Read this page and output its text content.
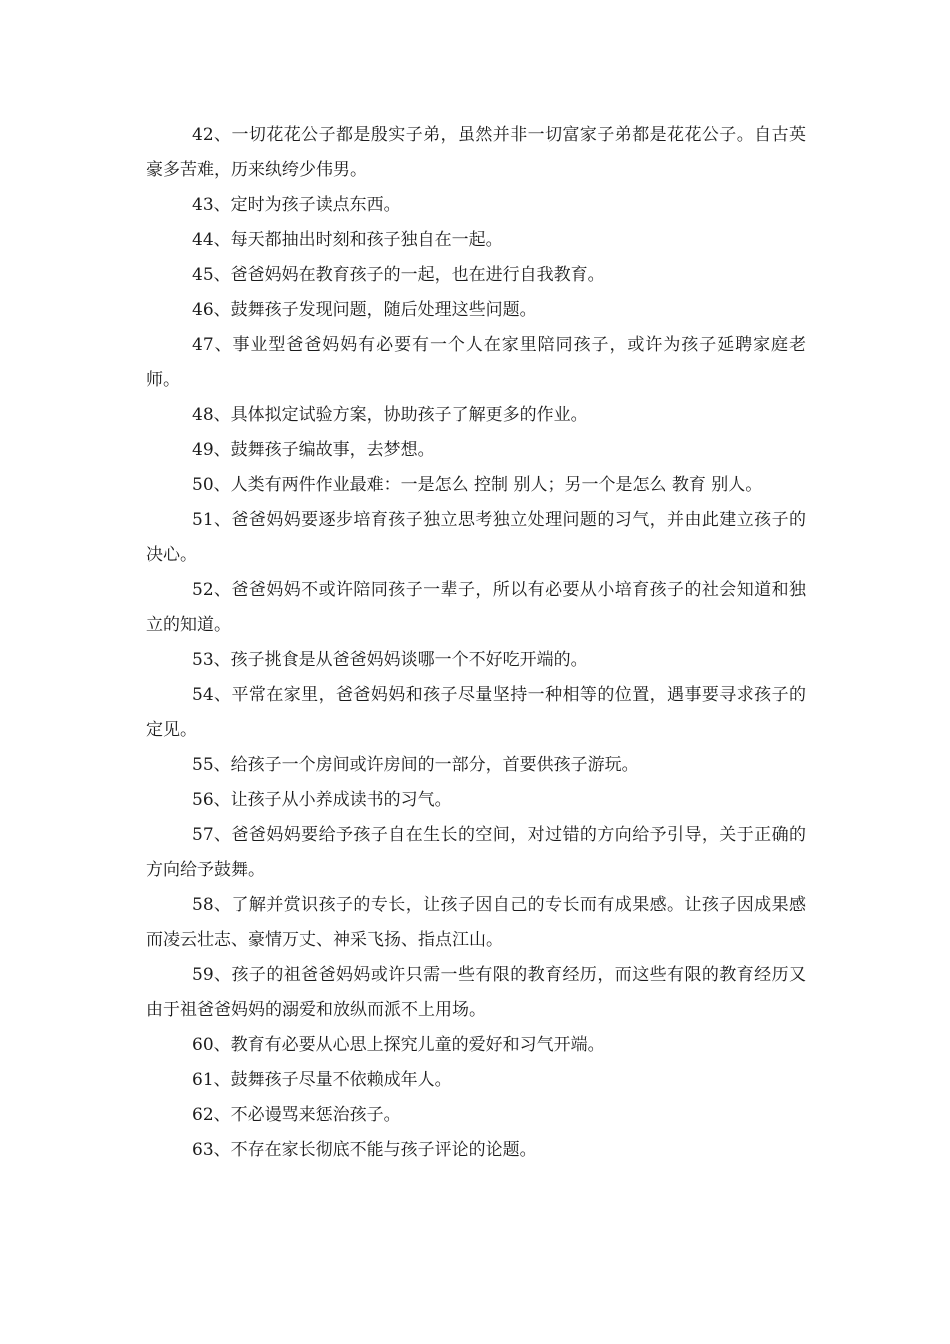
42、一切花花公子都是殷实子弟，虽然并非一切富家子弟都是花花公子。自古英豪多苦难，历来纨绔少伟男。

43、定时为孩子读点东西。

44、每天都抽出时刻和孩子独自在一起。

45、爸爸妈妈在教育孩子的一起，也在进行自我教育。

46、鼓舞孩子发现问题，随后处理这些问题。

47、事业型爸爸妈妈有必要有一个人在家里陪同孩子，或许为孩子延聘家庭老师。

48、具体拟定试验方案，协助孩子了解更多的作业。

49、鼓舞孩子编故事，去梦想。

50、人类有两件作业最难：一是怎么 控制 别人；另一个是怎么 教育 别人。

51、爸爸妈妈要逐步培育孩子独立思考独立处理问题的习气，并由此建立孩子的决心。

52、爸爸妈妈不或许陪同孩子一辈子，所以有必要从小培育孩子的社会知道和独立的知道。

53、孩子挑食是从爸爸妈妈谈哪一个不好吃开端的。

54、平常在家里，爸爸妈妈和孩子尽量坚持一种相等的位置，遇事要寻求孩子的定见。

55、给孩子一个房间或许房间的一部分，首要供孩子游玩。

56、让孩子从小养成读书的习气。

57、爸爸妈妈要给予孩子自在生长的空间，对过错的方向给予引导，关于正确的方向给予鼓舞。

58、了解并赏识孩子的专长，让孩子因自己的专长而有成果感。让孩子因成果感而凌云壮志、豪情万丈、神采飞扬、指点江山。

59、孩子的祖爸爸妈妈或许只需一些有限的教育经历，而这些有限的教育经历又由于祖爸爸妈妈的溺爱和放纵而派不上用场。

60、教育有必要从心思上探究儿童的爱好和习气开端。

61、鼓舞孩子尽量不依赖成年人。

62、不必谩骂来惩治孩子。

63、不存在家长彻底不能与孩子评论的论题。
